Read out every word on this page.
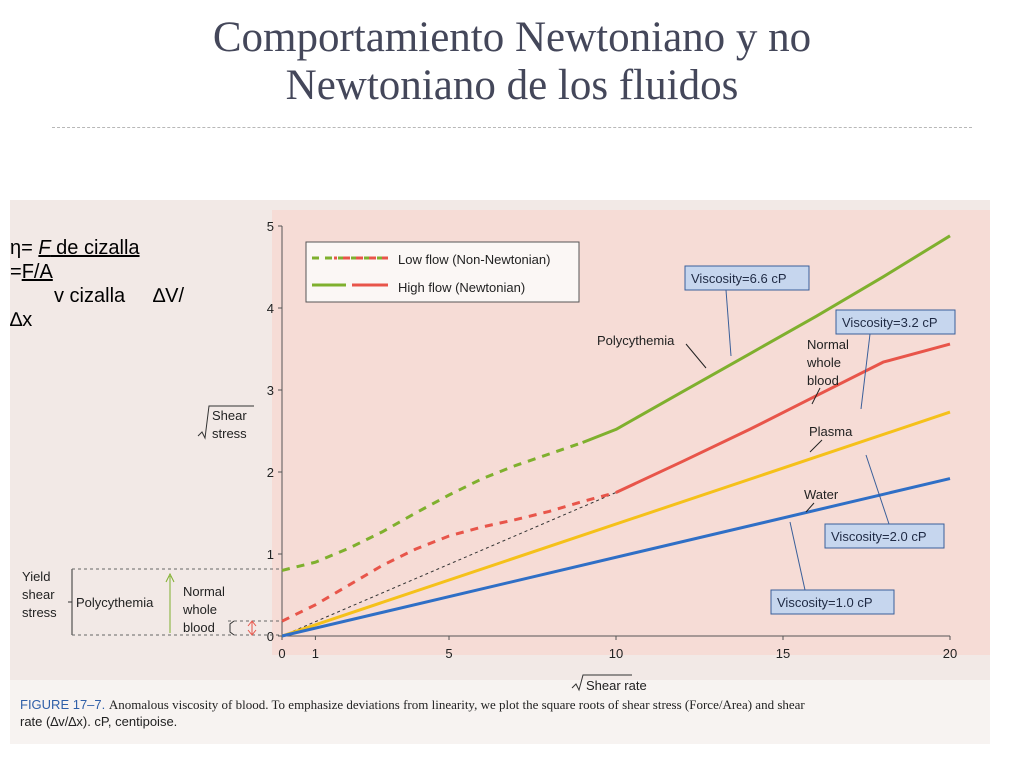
Comportamiento Newtoniano y no
Newtoniano de los fluidos
0 1	5	10	15	20
0
1
2
3
4
5
Shear
stress
Shear rate
Low flow (Non-Newtonian)
High flow (Newtonian)
Viscosity=6.6 cP
Viscosity=3.2 cP
Viscosity=2.0 cP
Viscosity=1.0 cP
Polycythemia	Normal
whole
blood
Plasma
Water
Yield
shear
stress
Polycythemia
Normal
whole
blood
FIGURE 17–7. Anomalous viscosity of blood. To emphasize deviations from linearity, we plot the square roots of shear stress (Force/Area) and shear
rate (∆v/∆x). cP, centipoise.
η= F de cizalla
=F/A
v cizalla ∆V/
∆x
